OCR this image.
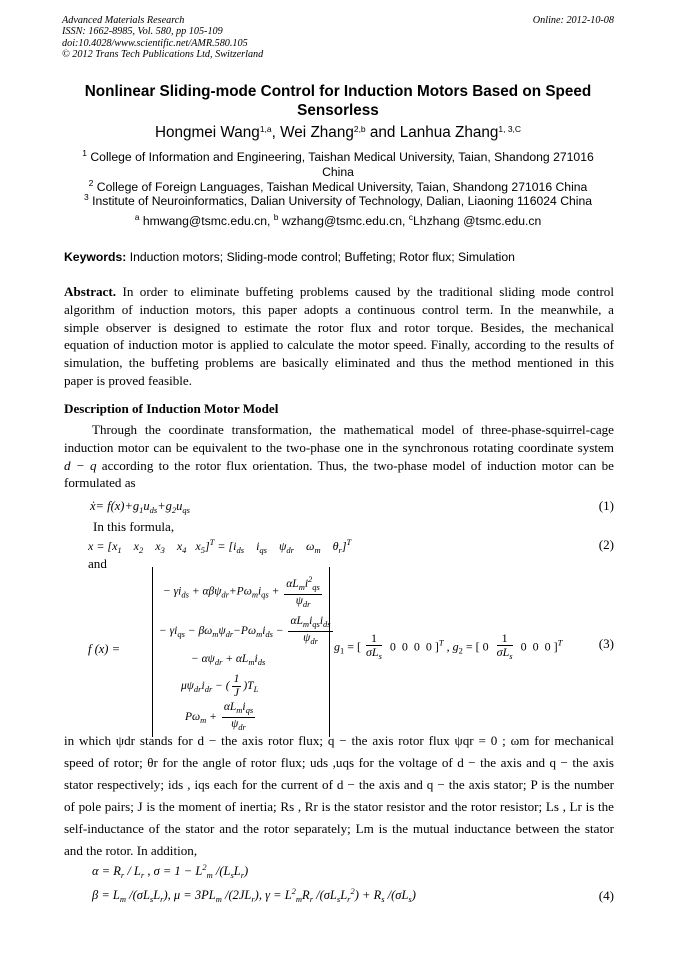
Advanced Materials Research
ISSN: 1662-8985, Vol. 580, pp 105-109
doi:10.4028/www.scientific.net/AMR.580.105
© 2012 Trans Tech Publications Ltd, Switzerland
Online: 2012-10-08
Nonlinear Sliding-mode Control for Induction Motors Based on Speed
Sensorless
Hongmei Wang$^{1,a}$, Wei Zhang$^{2,b}$ and Lanhua Zhang$^{1, 3,C}$
$^1$ College of Information and Engineering, Taishan Medical University, Taian, Shandong 271016
China
$^2$ College of Foreign Languages, Taishan Medical University, Taian, Shandong 271016 China
$^3$ Institute of Neuroinformatics, Dalian University of Technology, Dalian, Liaoning 116024 China
$^a$ hmwang@tsmc.edu.cn, $^b$ wzhang@tsmc.edu.cn, $^c$Lhzhang @tsmc.edu.cn
Keywords: Induction motors; Sliding-mode control; Buffeting; Rotor flux; Simulation
Abstract. In order to eliminate buffeting problems caused by the traditional sliding mode control
algorithm of induction motors, this paper adopts a continuous control term. In the meanwhile, a
simple observer is designed to estimate the rotor flux and rotor torque. Besides, the mechanical
equation of induction motor is applied to calculate the motor speed. Finally, according to the results of
simulation, the buffeting problems are basically eliminated and thus the method mentioned in this
paper is proved feasible.
Description of Induction Motor Model
Through the coordinate transformation, the mathematical model of three-phase-squirrel-cage
induction motor can be equivalent to the two-phase one in the synchronous rotating coordinate system
d − q according to the rotor flux orientation. Thus, the two-phase model of induction motor can be
formulated as
ẋ= $f(x)+g_1u_{ds}+g_2u_{qs}$	(1)
In this formula,
$x = [x_1$    $x_2$    $x_3$    $x_4$   $x_5]^T = [i_{ds}$    $i_{qs}$    $\psi_{dr}$    $\omega_m$    $\theta_r]^T$	(2)
and
f (x) =
− $\gamma i_{ds} + \alpha\beta\psi_{dr}+P\omega_mi_{qs} + \frac{\alpha L_mi^2_{qs}}{\psi_{dr}}$
− $\gamma i_{qs} - \beta\omega_m\psi_{dr}-P\omega_mi_{ds} - \frac{\alpha L_mi_{qs}i_{ds}}{\psi_{dr}}$
− $\alpha\psi_{dr} + \alpha L_mi_{ds}$
$\mu\psi_{dr}i_{dr}$ − ( $\frac{1}{J} )T_L$
$P\omega_m + \frac{\alpha L_mi_{qs}}{\psi_{dr}}$
$g_1$ = [ $\frac{1}{\sigma L_s} 0$  0  0  0 ]$^T$ , $g_2$ = [ $0 \frac{1}{\sigma L_s} 0$  0  0 ]$^T$	(3)
in which ψdr stands for d − the axis rotor flux; q − the axis rotor flux ψqr = 0 ; ωm for mechanical
speed of rotor; θr for the angle of rotor flux; uds ,uqs for the voltage of d − the axis and q − the axis
stator respectively; ids , iqs each for the current of d − the axis and q − the axis stator; P is the number
of pole pairs; J is the moment of inertia; Rs , Rr is the stator resistor and the rotor resistor; Ls , Lr is the
self-inductance of the stator and the rotor separately; Lm is the mutual inductance between the stator
and the rotor. In addition,
$\alpha = R_r / L_r$ , $\sigma = 1 - L^2_m$ $/(L_sL_r)$
$\beta = L_m$ $/(\sigma L_sL_r)$, $\mu = 3PL_m$ $/(2JL_r)$, $\gamma = L^2_mR_r$ $/(\sigma L_sL_r^2) + R_s$ $/(\sigma L_s)$	(4)
